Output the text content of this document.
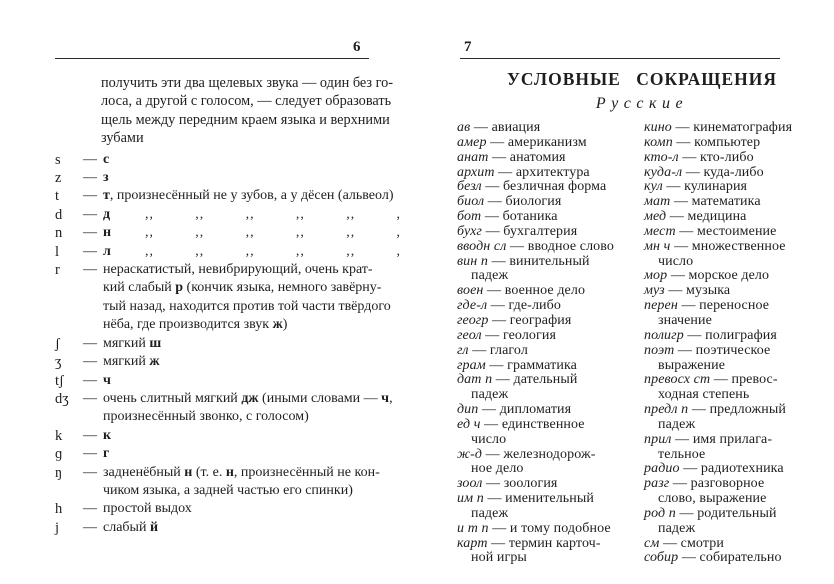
6
получить эти два щелевых звука — один без го-
лоса, а другой с голосом, — следует образовать
щель между передним краем языка и верхними
зубами
s	— с
z	— з
t	— т, произнесённый не у зубов, а у дёсен (альвеол)
d	— д	,,	,,	,,	,,	,,	,
n	— н	,,	,,	,,	,,	,,	,
l	— л	,,	,,	,,	,,	,,	,
r	— нераскатистый, невибрирующий, очень крат-
кий слабый р (кончик языка, немного завёрну-
тый назад, находится против той части твёрдого
нёба, где производится звук ж)
ʃ	— мягкий ш
ʒ	— мягкий ж
tʃ	— ч
dʒ	— очень слитный мягкий дж (иными словами — ч,
произнесённый звонко, с голосом)
k	— к
ɡ	— г
ŋ	— задненёбный н (т. е. н, произнесённый не кон-
чиком языка, а задней частью его спинки)
h	— простой выдох
j	— слабый й
7
УСЛОВНЫЕ СОКРАЩЕНИЯ
Русские
ав — авиация
амер — американизм
анат — анатомия
архит — архитектура
безл — безличная форма
биол — биология
бот — ботаника
бухг — бухгалтерия
вводн сл — вводное слово
вин п — винительный
падеж
воен — военное дело
где-л — где-либо
геогр — география
геол — геология
гл — глагол
грам — грамматика
дат п — дательный
падеж
дип — дипломатия
ед ч — единственное
число
ж-д — железнодорож-
ное дело
зоол — зоология
им п — именительный
падеж
и т п — и тому подобное
карт — термин карточ-
ной игры
кино — кинематография
комп — компьютер
кто-л — кто-либо
куда-л — куда-либо
кул — кулинария
мат — математика
мед — медицина
мест — местоимение
мн ч — множественное
число
мор — морское дело
муз — музыка
перен — переносное
значение
полигр — полиграфия
поэт — поэтическое
выражение
превосх ст — превос-
ходная степень
предл п — предложный
падеж
прил — имя прилага-
тельное
радио — радиотехника
разг — разговорное
слово, выражение
род п — родительный
падеж
см — смотри
собир — собирательно
